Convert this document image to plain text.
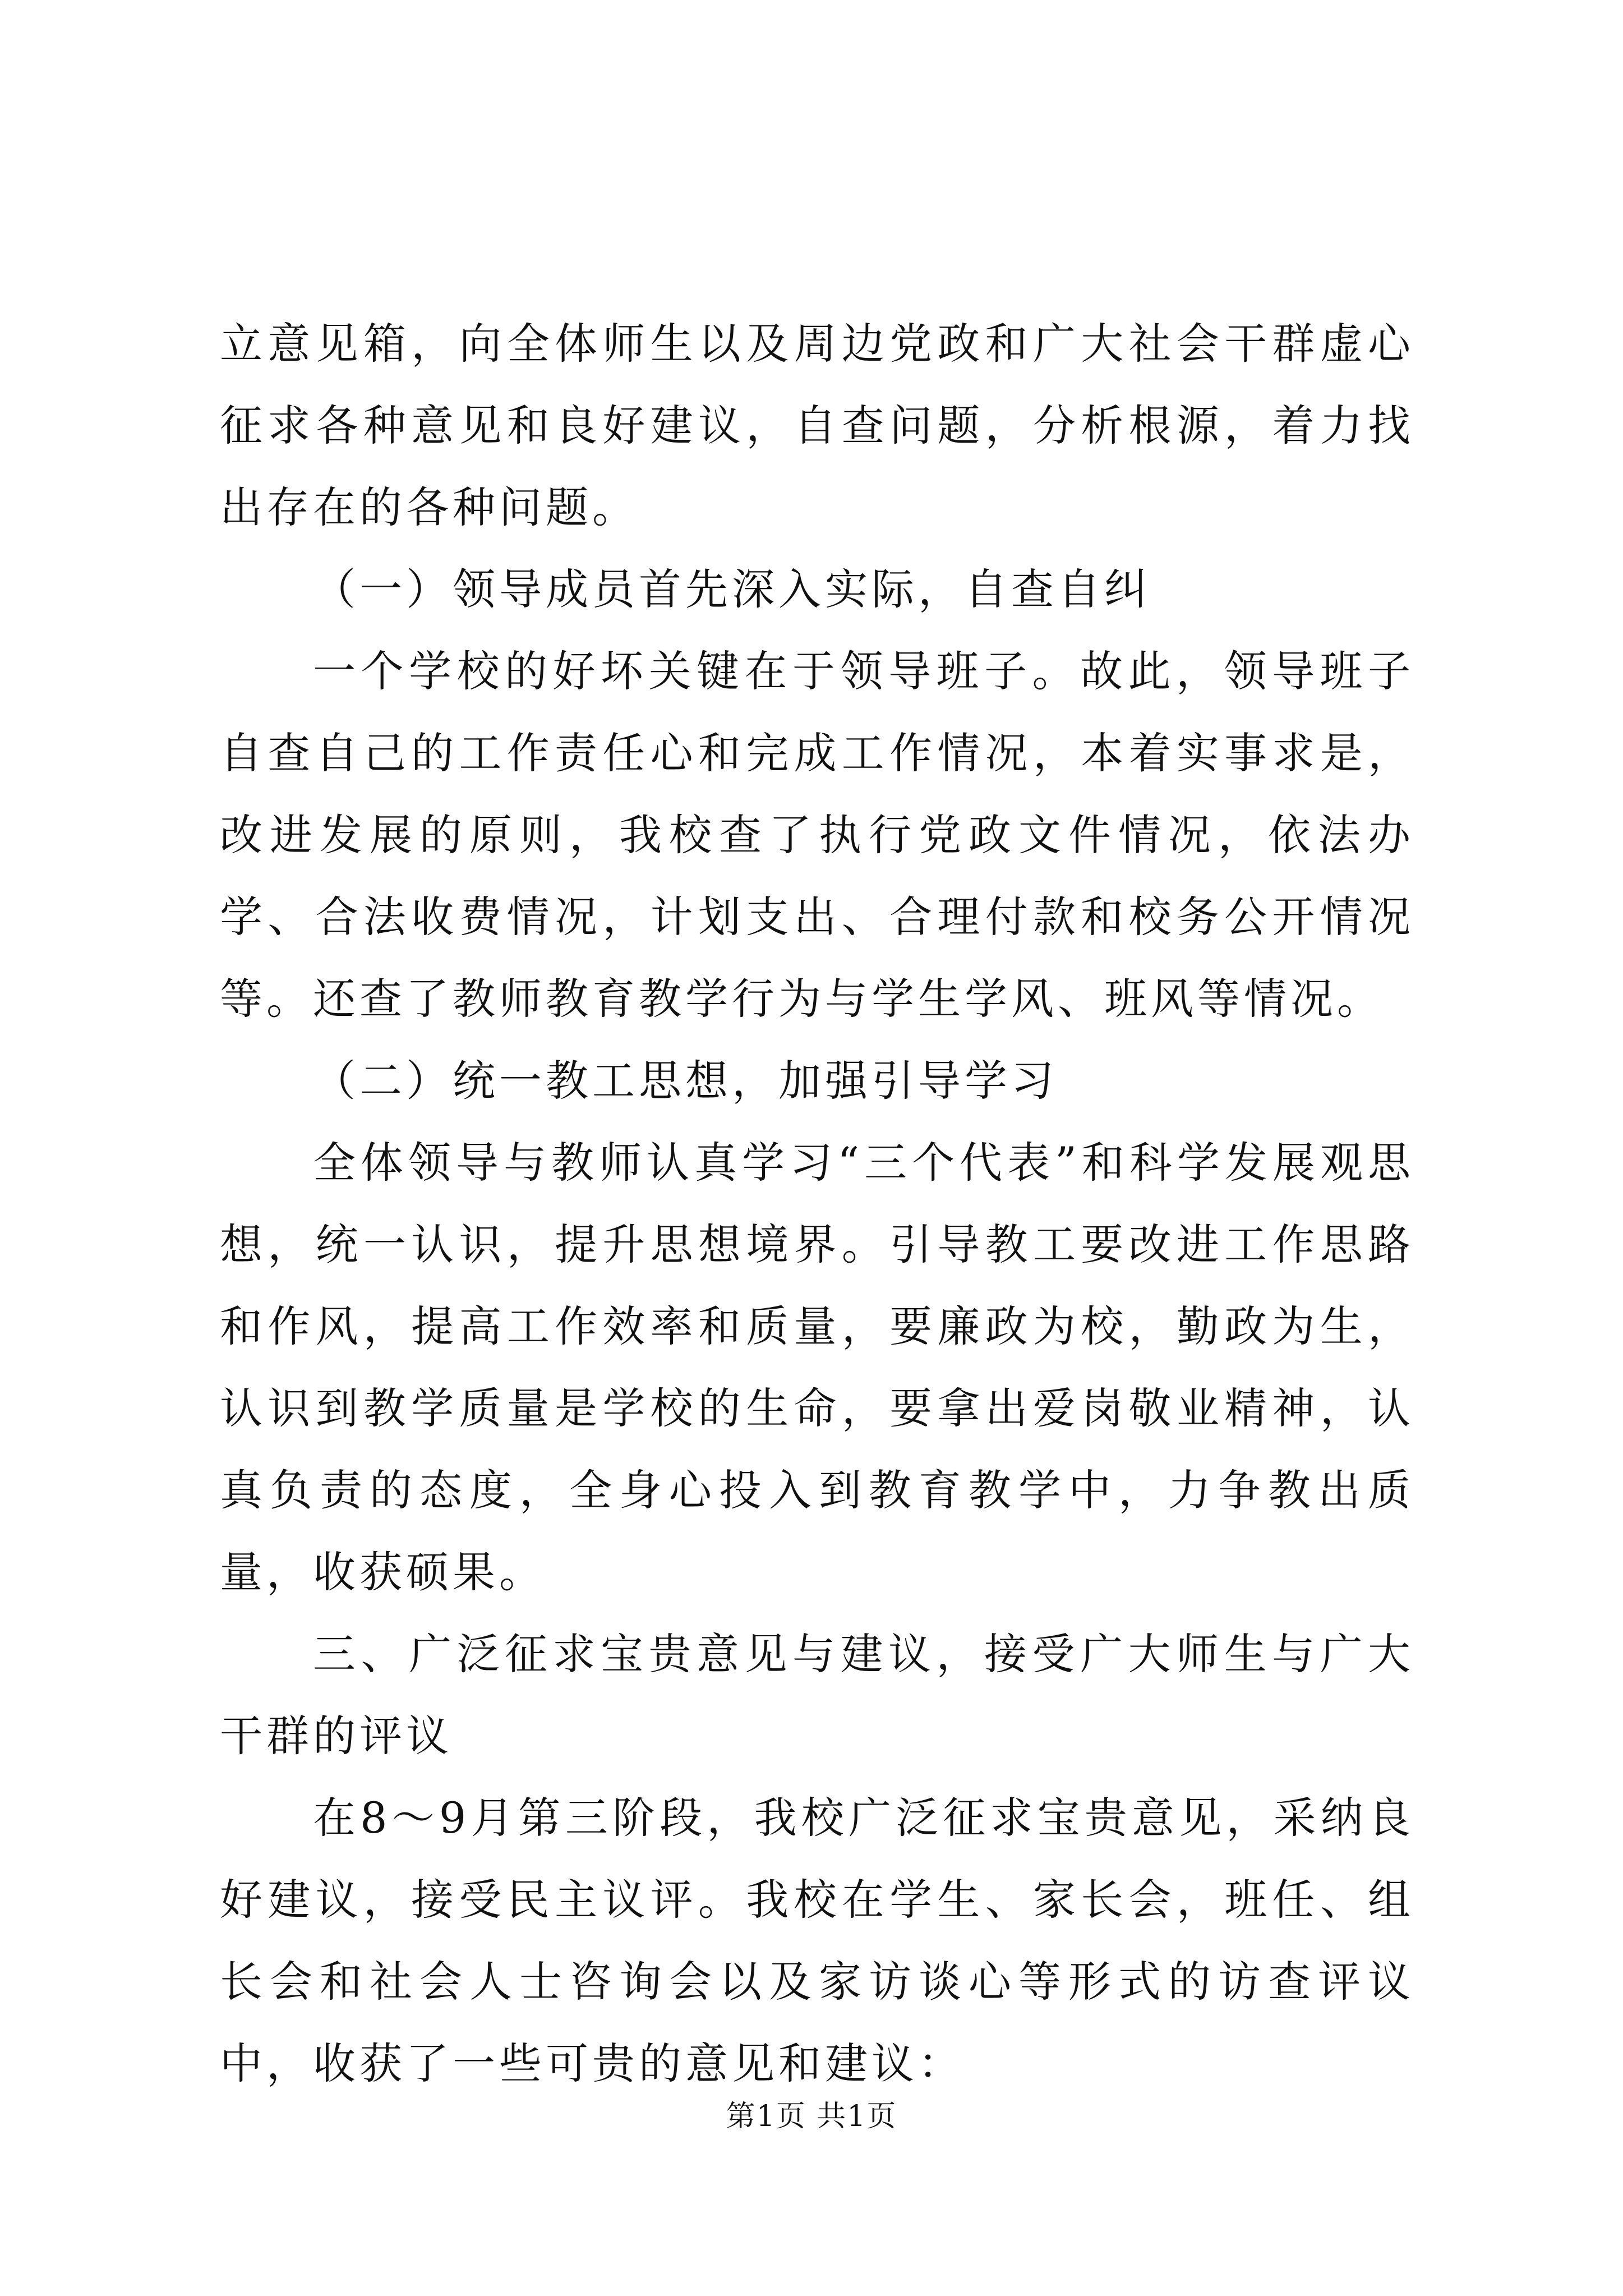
立意见箱，向全体师生以及周边党政和广大社会干群虚心征求各种意见和良好建议，自查问题，分析根源，着力找出存在的各种问题。

（一）领导成员首先深入实际，自查自纠

一个学校的好坏关键在于领导班子。故此，领导班子自查自己的工作责任心和完成工作情况，本着实事求是，改进发展的原则，我校查了执行党政文件情况，依法办学、合法收费情况，计划支出、合理付款和校务公开情况等。还查了教师教育教学行为与学生学风、班风等情况。

（二）统一教工思想，加强引导学习

全体领导与教师认真学习“三个代表”和科学发展观思想，统一认识，提升思想境界。引导教工要改进工作思路和作风，提高工作效率和质量，要廉政为校，勤政为生，认识到教学质量是学校的生命，要拿出爱岗敬业精神，认真负责的态度，全身心投入到教育教学中，力争教出质量，收获硕果。

三、广泛征求宝贵意见与建议，接受广大师生与广大干群的评议

在8～9月第三阶段，我校广泛征求宝贵意见，采纳良好建议，接受民主议评。我校在学生、家长会，班任、组长会和社会人士咨询会以及家访谈心等形式的访查评议中，收获了一些可贵的意见和建议：

第1页 共1页
